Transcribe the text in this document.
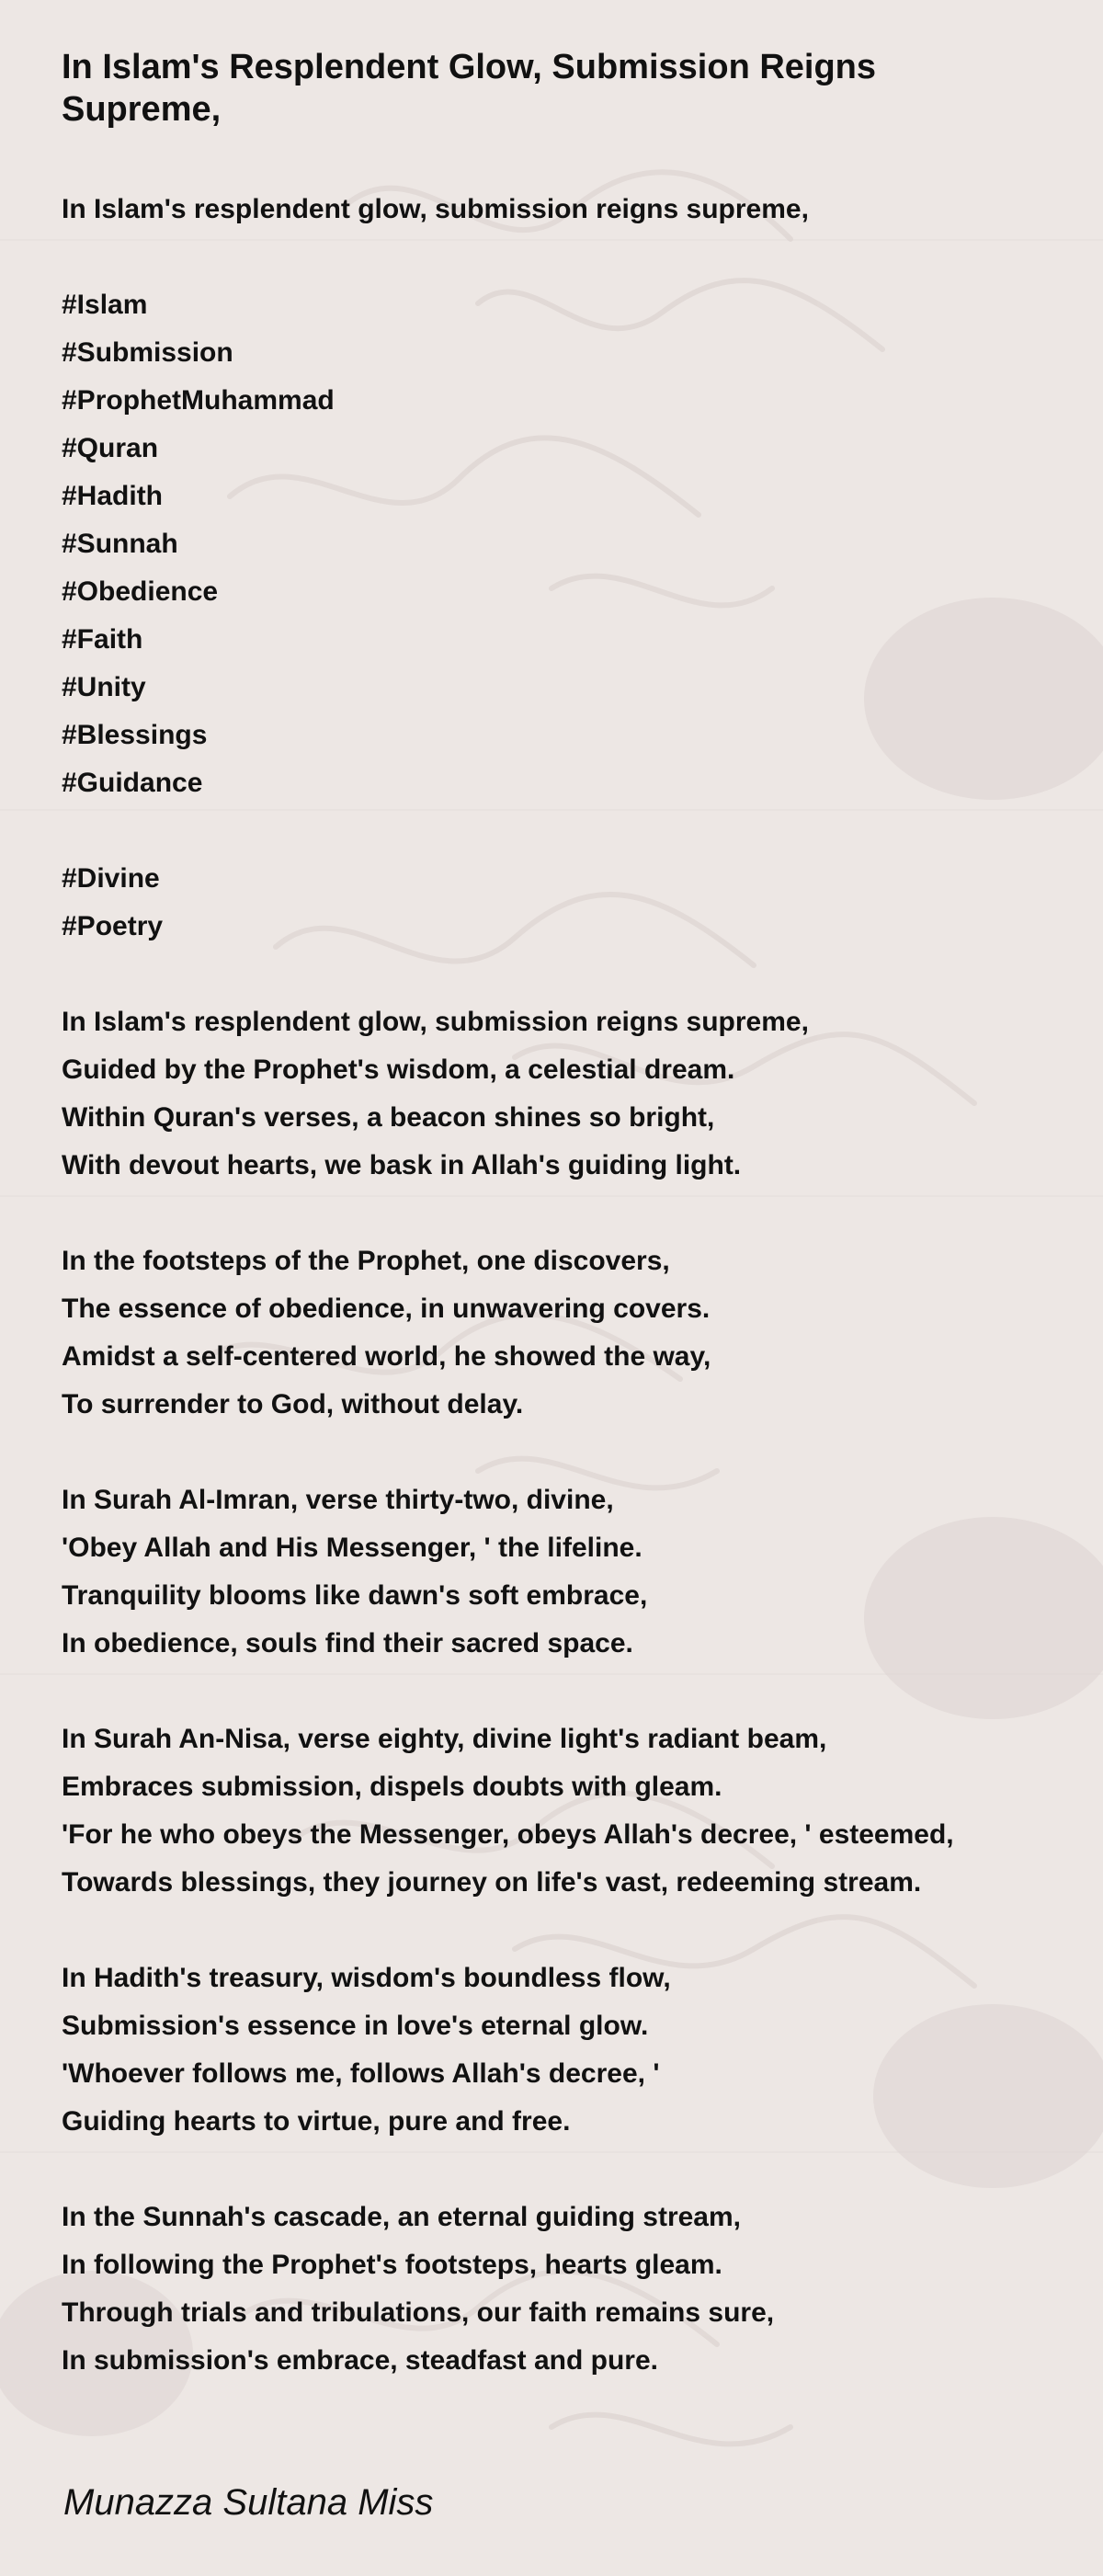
In Islam's Resplendent Glow, Submission Reigns Supreme,
In Islam's resplendent glow, submission reigns supreme,
#Islam
#Submission
#ProphetMuhammad
#Quran
#Hadith
#Sunnah
#Obedience
#Faith
#Unity
#Blessings
#Guidance
#Divine
#Poetry
In Islam's resplendent glow, submission reigns supreme,
Guided by the Prophet's wisdom, a celestial dream.
Within Quran's verses, a beacon shines so bright,
With devout hearts, we bask in Allah's guiding light.
In the footsteps of the Prophet, one discovers,
The essence of obedience, in unwavering covers.
Amidst a self-centered world, he showed the way,
To surrender to God, without delay.
In Surah Al-Imran, verse thirty-two, divine,
'Obey Allah and His Messenger, ' the lifeline.
Tranquility blooms like dawn's soft embrace,
In obedience, souls find their sacred space.
In Surah An-Nisa, verse eighty, divine light's radiant beam,
Embraces submission, dispels doubts with gleam.
'For he who obeys the Messenger, obeys Allah's decree, ' esteemed,
Towards blessings, they journey on life's vast, redeeming stream.
In Hadith's treasury, wisdom's boundless flow,
Submission's essence in love's eternal glow.
'Whoever follows me, follows Allah's decree, '
Guiding hearts to virtue, pure and free.
In the Sunnah's cascade, an eternal guiding stream,
In following the Prophet's footsteps, hearts gleam.
Through trials and tribulations, our faith remains sure,
In submission's embrace, steadfast and pure.

Munazza Sultana Miss
